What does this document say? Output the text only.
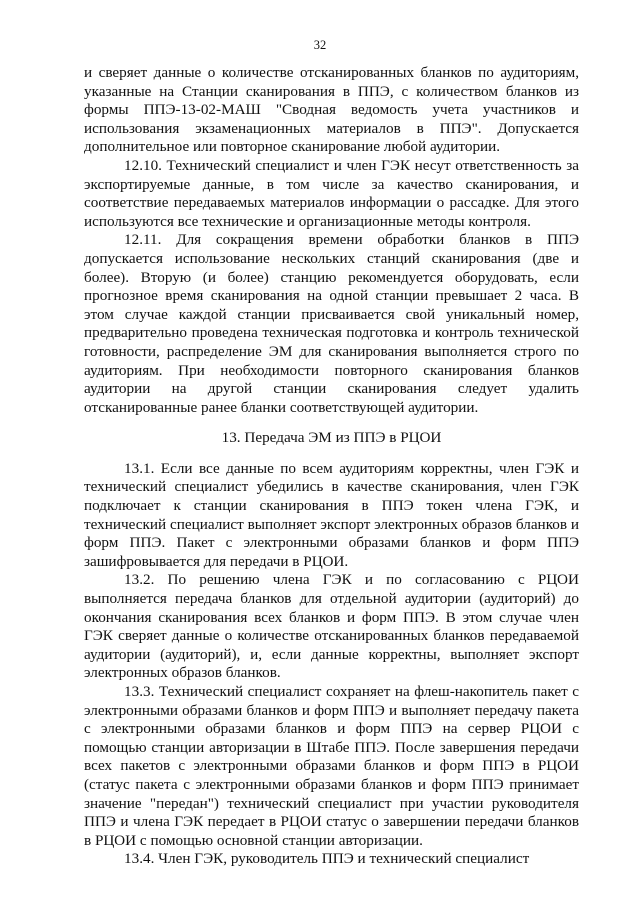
32

и сверяет данные о количестве отсканированных бланков по аудиториям, указанные на Станции сканирования в ППЭ, с количеством бланков из формы ППЭ-13-02-МАШ "Сводная ведомость учета участников и использования экзаменационных материалов в ППЭ". Допускается дополнительное или повторное сканирование любой аудитории.

12.10. Технический специалист и член ГЭК несут ответственность за экспортируемые данные, в том числе за качество сканирования, и соответствие передаваемых материалов информации о рассадке. Для этого используются все технические и организационные методы контроля.

12.11. Для сокращения времени обработки бланков в ППЭ допускается использование нескольких станций сканирования (две и более). Вторую (и более) станцию рекомендуется оборудовать, если прогнозное время сканирования на одной станции превышает 2 часа. В этом случае каждой станции присваивается свой уникальный номер, предварительно проведена техническая подготовка и контроль технической готовности, распределение ЭМ для сканирования выполняется строго по аудиториям. При необходимости повторного сканирования бланков аудитории на другой станции сканирования следует удалить отсканированные ранее бланки соответствующей аудитории.

13. Передача ЭМ из ППЭ в РЦОИ

13.1. Если все данные по всем аудиториям корректны, член ГЭК и технический специалист убедились в качестве сканирования, член ГЭК подключает к станции сканирования в ППЭ токен члена ГЭК, и технический специалист выполняет экспорт электронных образов бланков и форм ППЭ. Пакет с электронными образами бланков и форм ППЭ зашифровывается для передачи в РЦОИ.

13.2. По решению члена ГЭК и по согласованию с РЦОИ выполняется передача бланков для отдельной аудитории (аудиторий) до окончания сканирования всех бланков и форм ППЭ. В этом случае член ГЭК сверяет данные о количестве отсканированных бланков передаваемой аудитории (аудиторий), и, если данные корректны, выполняет экспорт электронных образов бланков.

13.3. Технический специалист сохраняет на флеш-накопитель пакет с электронными образами бланков и форм ППЭ и выполняет передачу пакета с электронными образами бланков и форм ППЭ на сервер РЦОИ с помощью станции авторизации в Штабе ППЭ. После завершения передачи всех пакетов с электронными образами бланков и форм ППЭ в РЦОИ (статус пакета с электронными образами бланков и форм ППЭ принимает значение "передан") технический специалист при участии руководителя ППЭ и члена ГЭК передает в РЦОИ статус о завершении передачи бланков в РЦОИ с помощью основной станции авторизации.

13.4. Член ГЭК, руководитель ППЭ и технический специалист
